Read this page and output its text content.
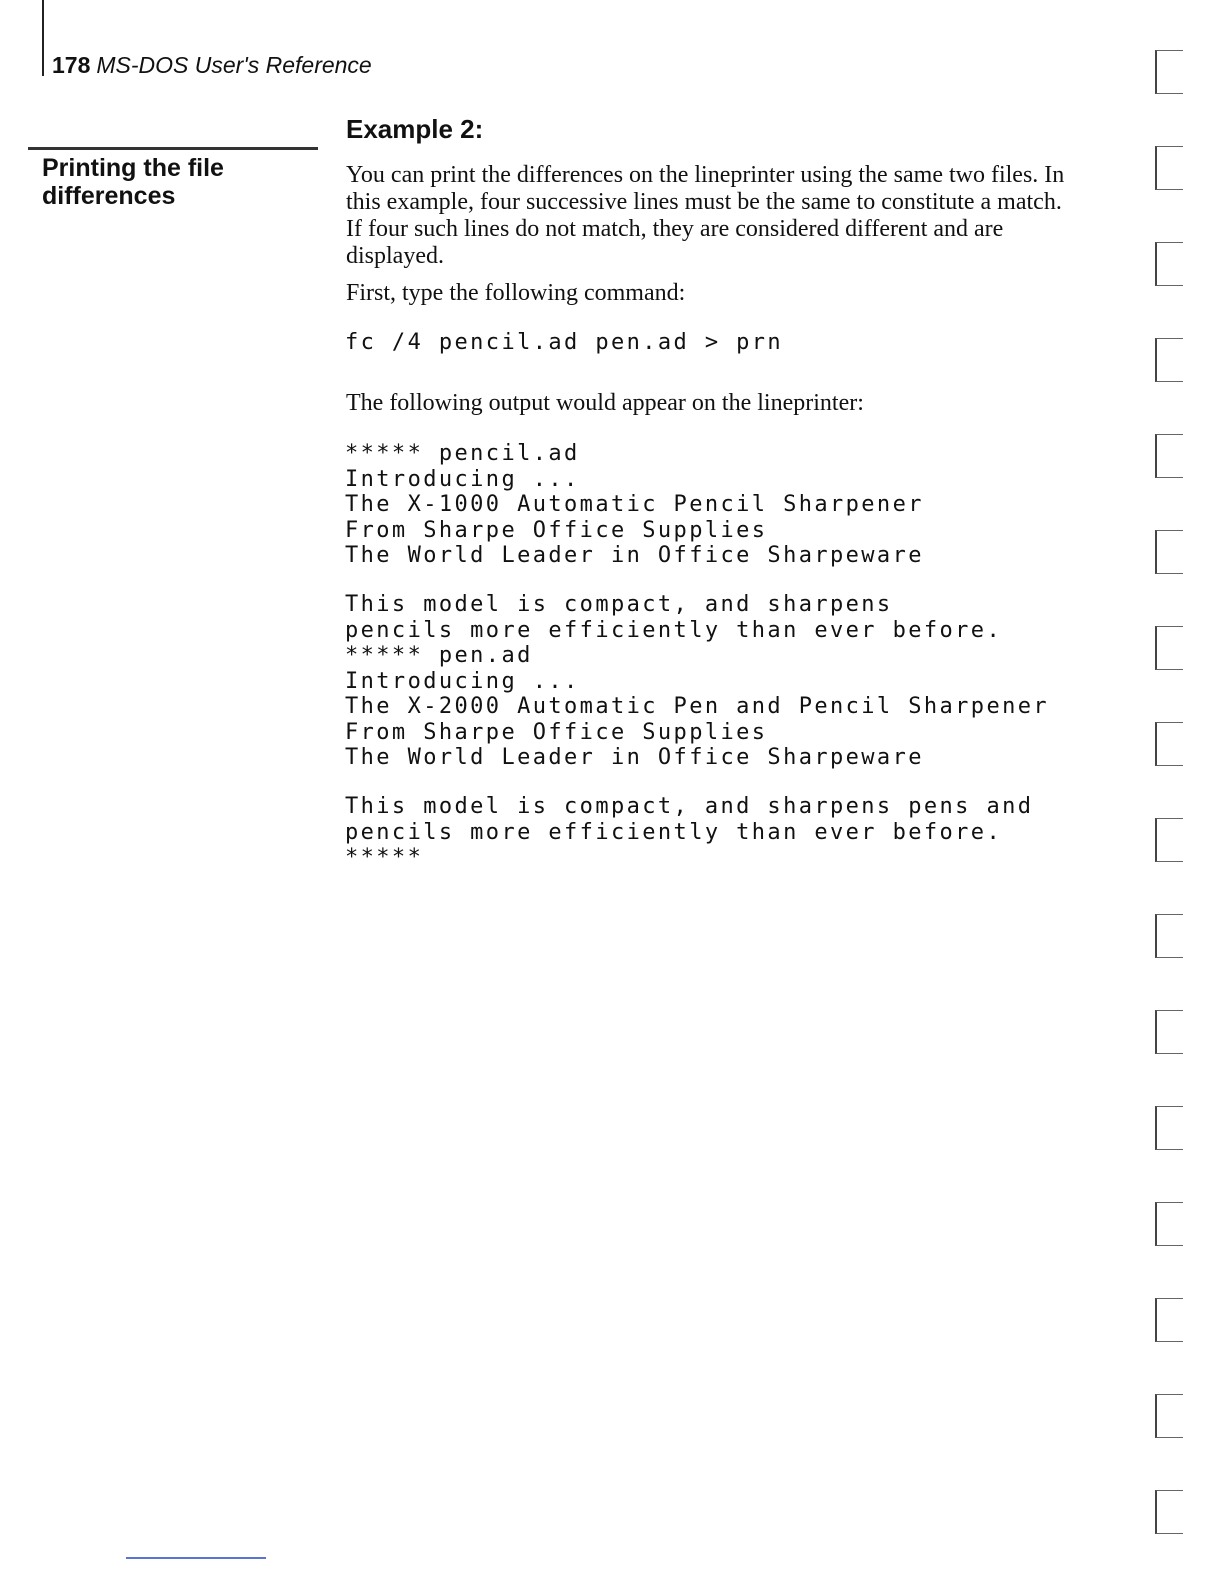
178 MS-DOS User's Reference
Printing the file differences
Example 2:
You can print the differences on the lineprinter using the same two files. In this example, four successive lines must be the same to constitute a match. If four such lines do not match, they are considered different and are displayed.
First, type the following command:
fc /4 pencil.ad pen.ad > prn
The following output would appear on the lineprinter:
***** pencil.ad
Introducing ...
The X-1000 Automatic Pencil Sharpener
From Sharpe Office Supplies
The World Leader in Office Sharpeware
This model is compact, and sharpens
pencils more efficiently than ever before.
***** pen.ad
Introducing ...
The X-2000 Automatic Pen and Pencil Sharpener
From Sharpe Office Supplies
The World Leader in Office Sharpeware
This model is compact, and sharpens pens and
pencils more efficiently than ever before.
*****
